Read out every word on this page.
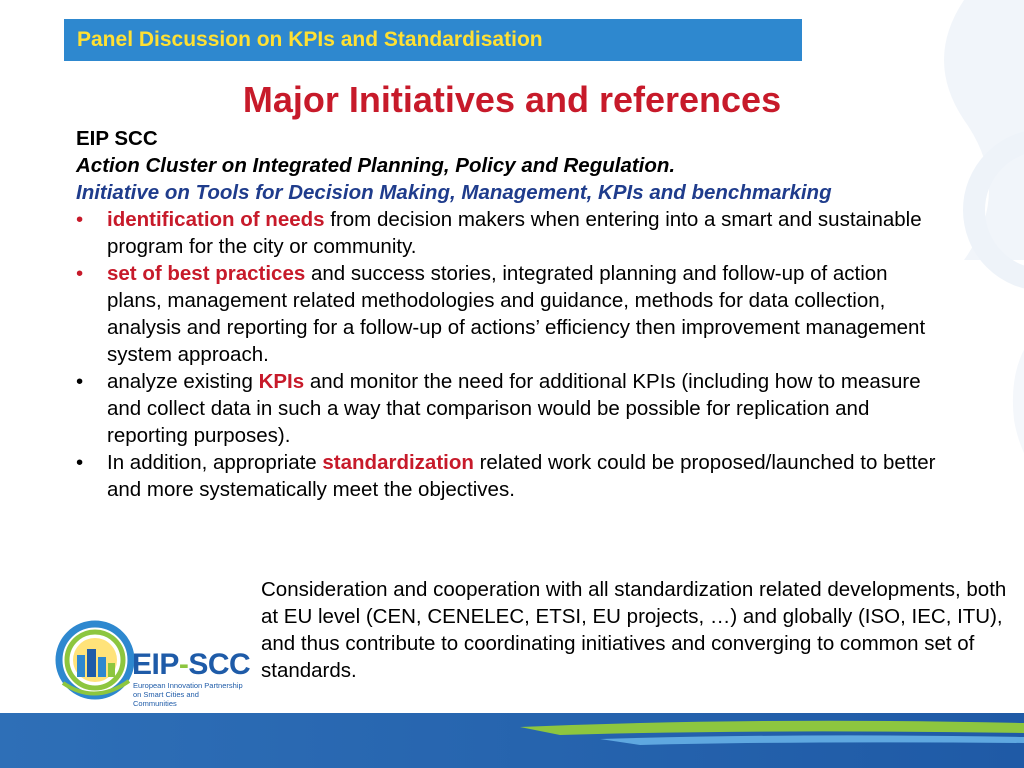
Panel Discussion on KPIs and Standardisation
Major Initiatives and references
EIP SCC
Action Cluster on Integrated Planning, Policy and Regulation.
Initiative on Tools for Decision Making, Management, KPIs and benchmarking
• identification of needs from decision makers when entering into a smart and sustainable program for the city or community.
• set of best practices and success stories, integrated planning and follow-up of action plans, management related methodologies and guidance, methods for data collection, analysis and reporting for a follow-up of actions’ efficiency then improvement management system approach.
• analyze existing KPIs and monitor the need for additional KPIs (including how to measure and collect data in such a way that comparison would be possible for replication and reporting purposes).
• In addition, appropriate standardization related work could be proposed/launched to better and more systematically meet the objectives.
Consideration and cooperation with all standardization related developments, both at EU level (CEN, CENELEC, ETSI, EU projects, …) and globally (ISO, IEC, ITU), and thus contribute to coordinating initiatives and converging to common set of standards.
EIP-SCC
European Innovation Partnership
on Smart Cities and Communities
